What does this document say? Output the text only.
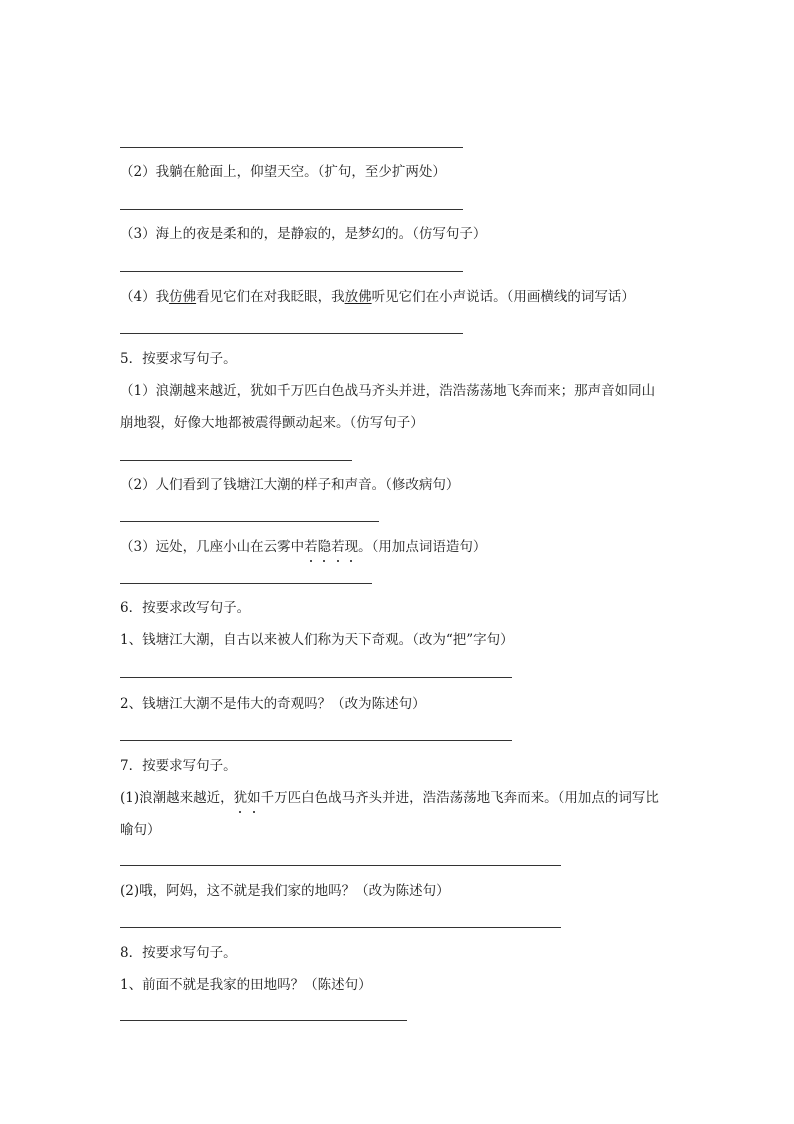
（2）我躺在舱面上，仰望天空。（扩句，至少扩两处）
（3）海上的夜是柔和的，是静寂的，是梦幻的。（仿写句子）
（4）我仿佛看见它们在对我眨眼，我放佛听见它们在小声说话。（用画横线的词写话）
5．按要求写句子。
（1）浪潮越来越近，犹如千万匹白色战马齐头并进，浩浩荡荡地飞奔而来；那声音如同山
崩地裂，好像大地都被震得颤动起来。（仿写句子）
（2）人们看到了钱塘江大潮的样子和声音。（修改病句）
（3）远处，几座小山在云雾中若隐若现。（用加点词语造句）
6．按要求改写句子。
1、钱塘江大潮，自古以来被人们称为天下奇观。（改为“把”字句）
2、钱塘江大潮不是伟大的奇观吗？（改为陈述句）
7．按要求写句子。
(1)浪潮越来越近，犹如千万匹白色战马齐头并进，浩浩荡荡地飞奔而来。（用加点的词写比
喻句）
(2)哦，阿妈，这不就是我们家的地吗？（改为陈述句）
8．按要求写句子。
1、前面不就是我家的田地吗？（陈述句）
